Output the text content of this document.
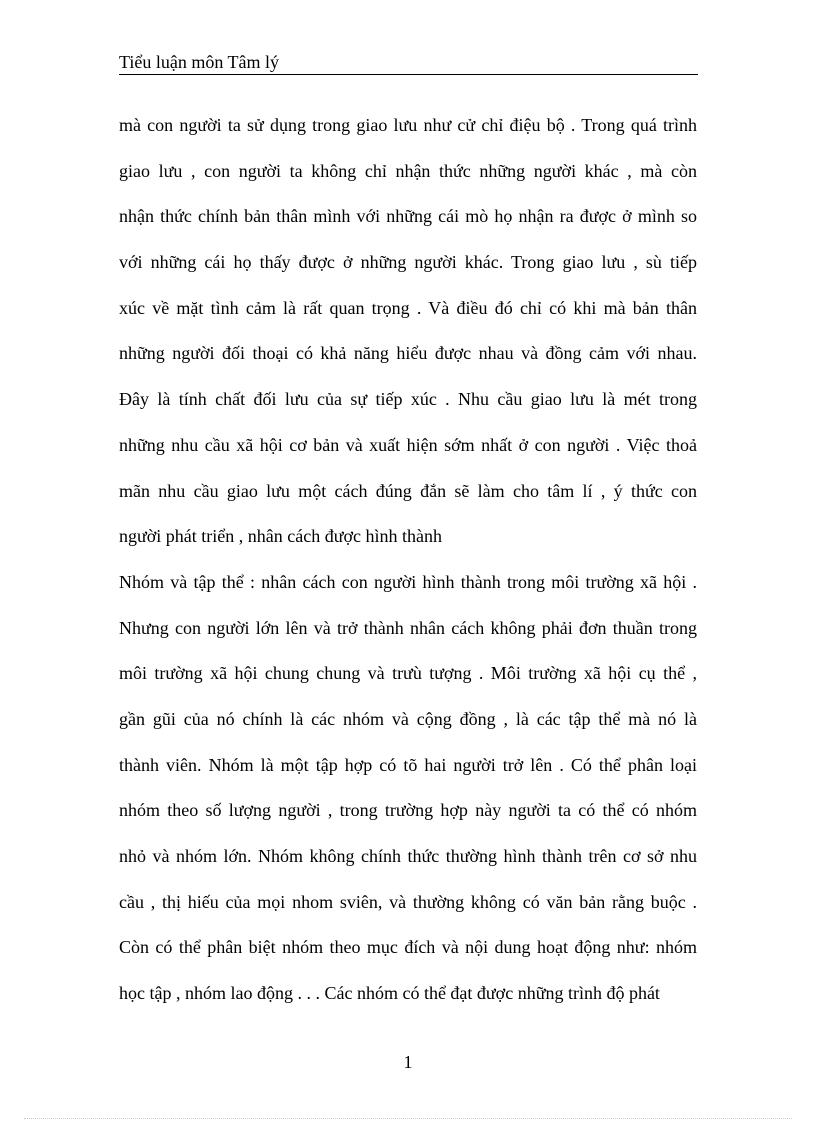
Tiểu luận môn Tâm lý
mà con người ta sử dụng trong giao lưu như cử chỉ điệu bộ . Trong quá trình
giao lưu , con người ta không chỉ nhận thức những người khác , mà còn
nhận thức chính bản thân mình với những cái mò họ nhận ra được ở mình so
với những cái họ thấy được ở những người khác. Trong giao lưu , sù tiếp
xúc về mặt tình cảm là rất quan trọng . Và điều đó chỉ có khi mà bản thân
những người đối thoại có khả năng hiểu được nhau và đồng cảm với nhau.
Đây là tính chất đối lưu của sự tiếp xúc . Nhu cầu giao lưu là mét trong
những nhu cầu xã hội cơ bản và xuất hiện sớm nhất ở con người . Việc thoả
mãn nhu cầu giao lưu một cách đúng đắn sẽ làm cho tâm lí , ý thức con
người phát triển , nhân cách được hình thành
Nhóm và tập thể : nhân cách con người hình thành trong môi trường xã hội .
Nhưng con người lớn lên và trở thành nhân cách không phải đơn thuần trong
môi trường xã hội chung chung và trưù tượng . Môi trường xã hội cụ thể ,
gần gũi của nó chính là các nhóm và cộng đồng , là các tập thể mà nó là
thành viên. Nhóm là một tập hợp có tõ hai người trở lên . Có thể phân loại
nhóm theo số lượng người , trong trường hợp này người ta có thể có nhóm
nhỏ và nhóm lớn. Nhóm không chính thức thường hình thành trên cơ sở nhu
cầu , thị hiếu của mọi nhom sviên, và thường không có văn bản rằng buộc .
Còn có thể phân biệt nhóm theo mục đích và nội dung hoạt động như: nhóm
học tập , nhóm lao động . . . Các nhóm có thể đạt được những trình độ phát
1
